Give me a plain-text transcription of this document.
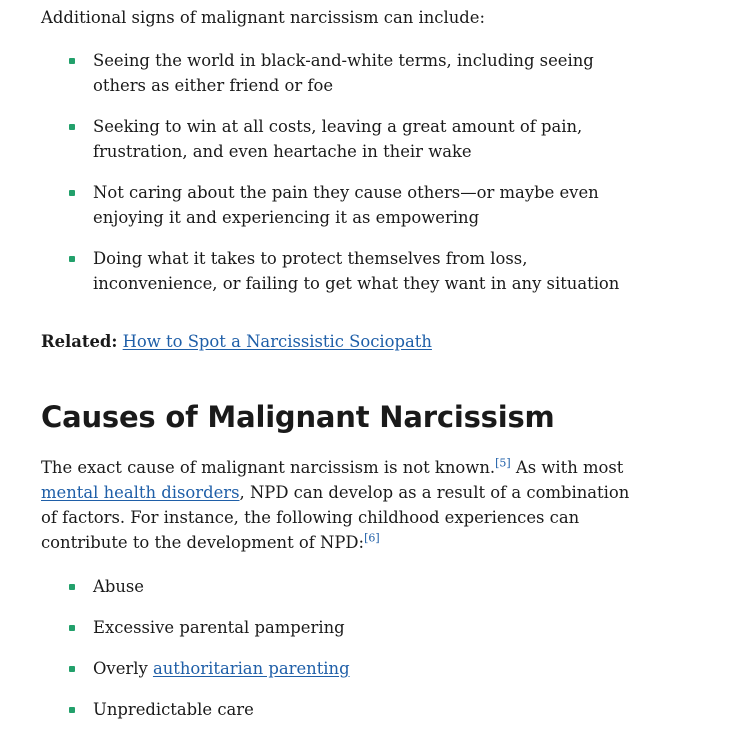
Additional signs of malignant narcissism can include:

Seeing the world in black-and-white terms, including seeing others as either friend or foe
Seeking to win at all costs, leaving a great amount of pain, frustration, and even heartache in their wake
Not caring about the pain they cause others—or maybe even enjoying it and experiencing it as empowering
Doing what it takes to protect themselves from loss, inconvenience, or failing to get what they want in any situation

Related: How to Spot a Narcissistic Sociopath

Causes of Malignant Narcissism

The exact cause of malignant narcissism is not known.[5] As with most mental health disorders, NPD can develop as a result of a combination of factors. For instance, the following childhood experiences can contribute to the development of NPD:[6]

Abuse
Excessive parental pampering
Overly authoritarian parenting
Unpredictable care
